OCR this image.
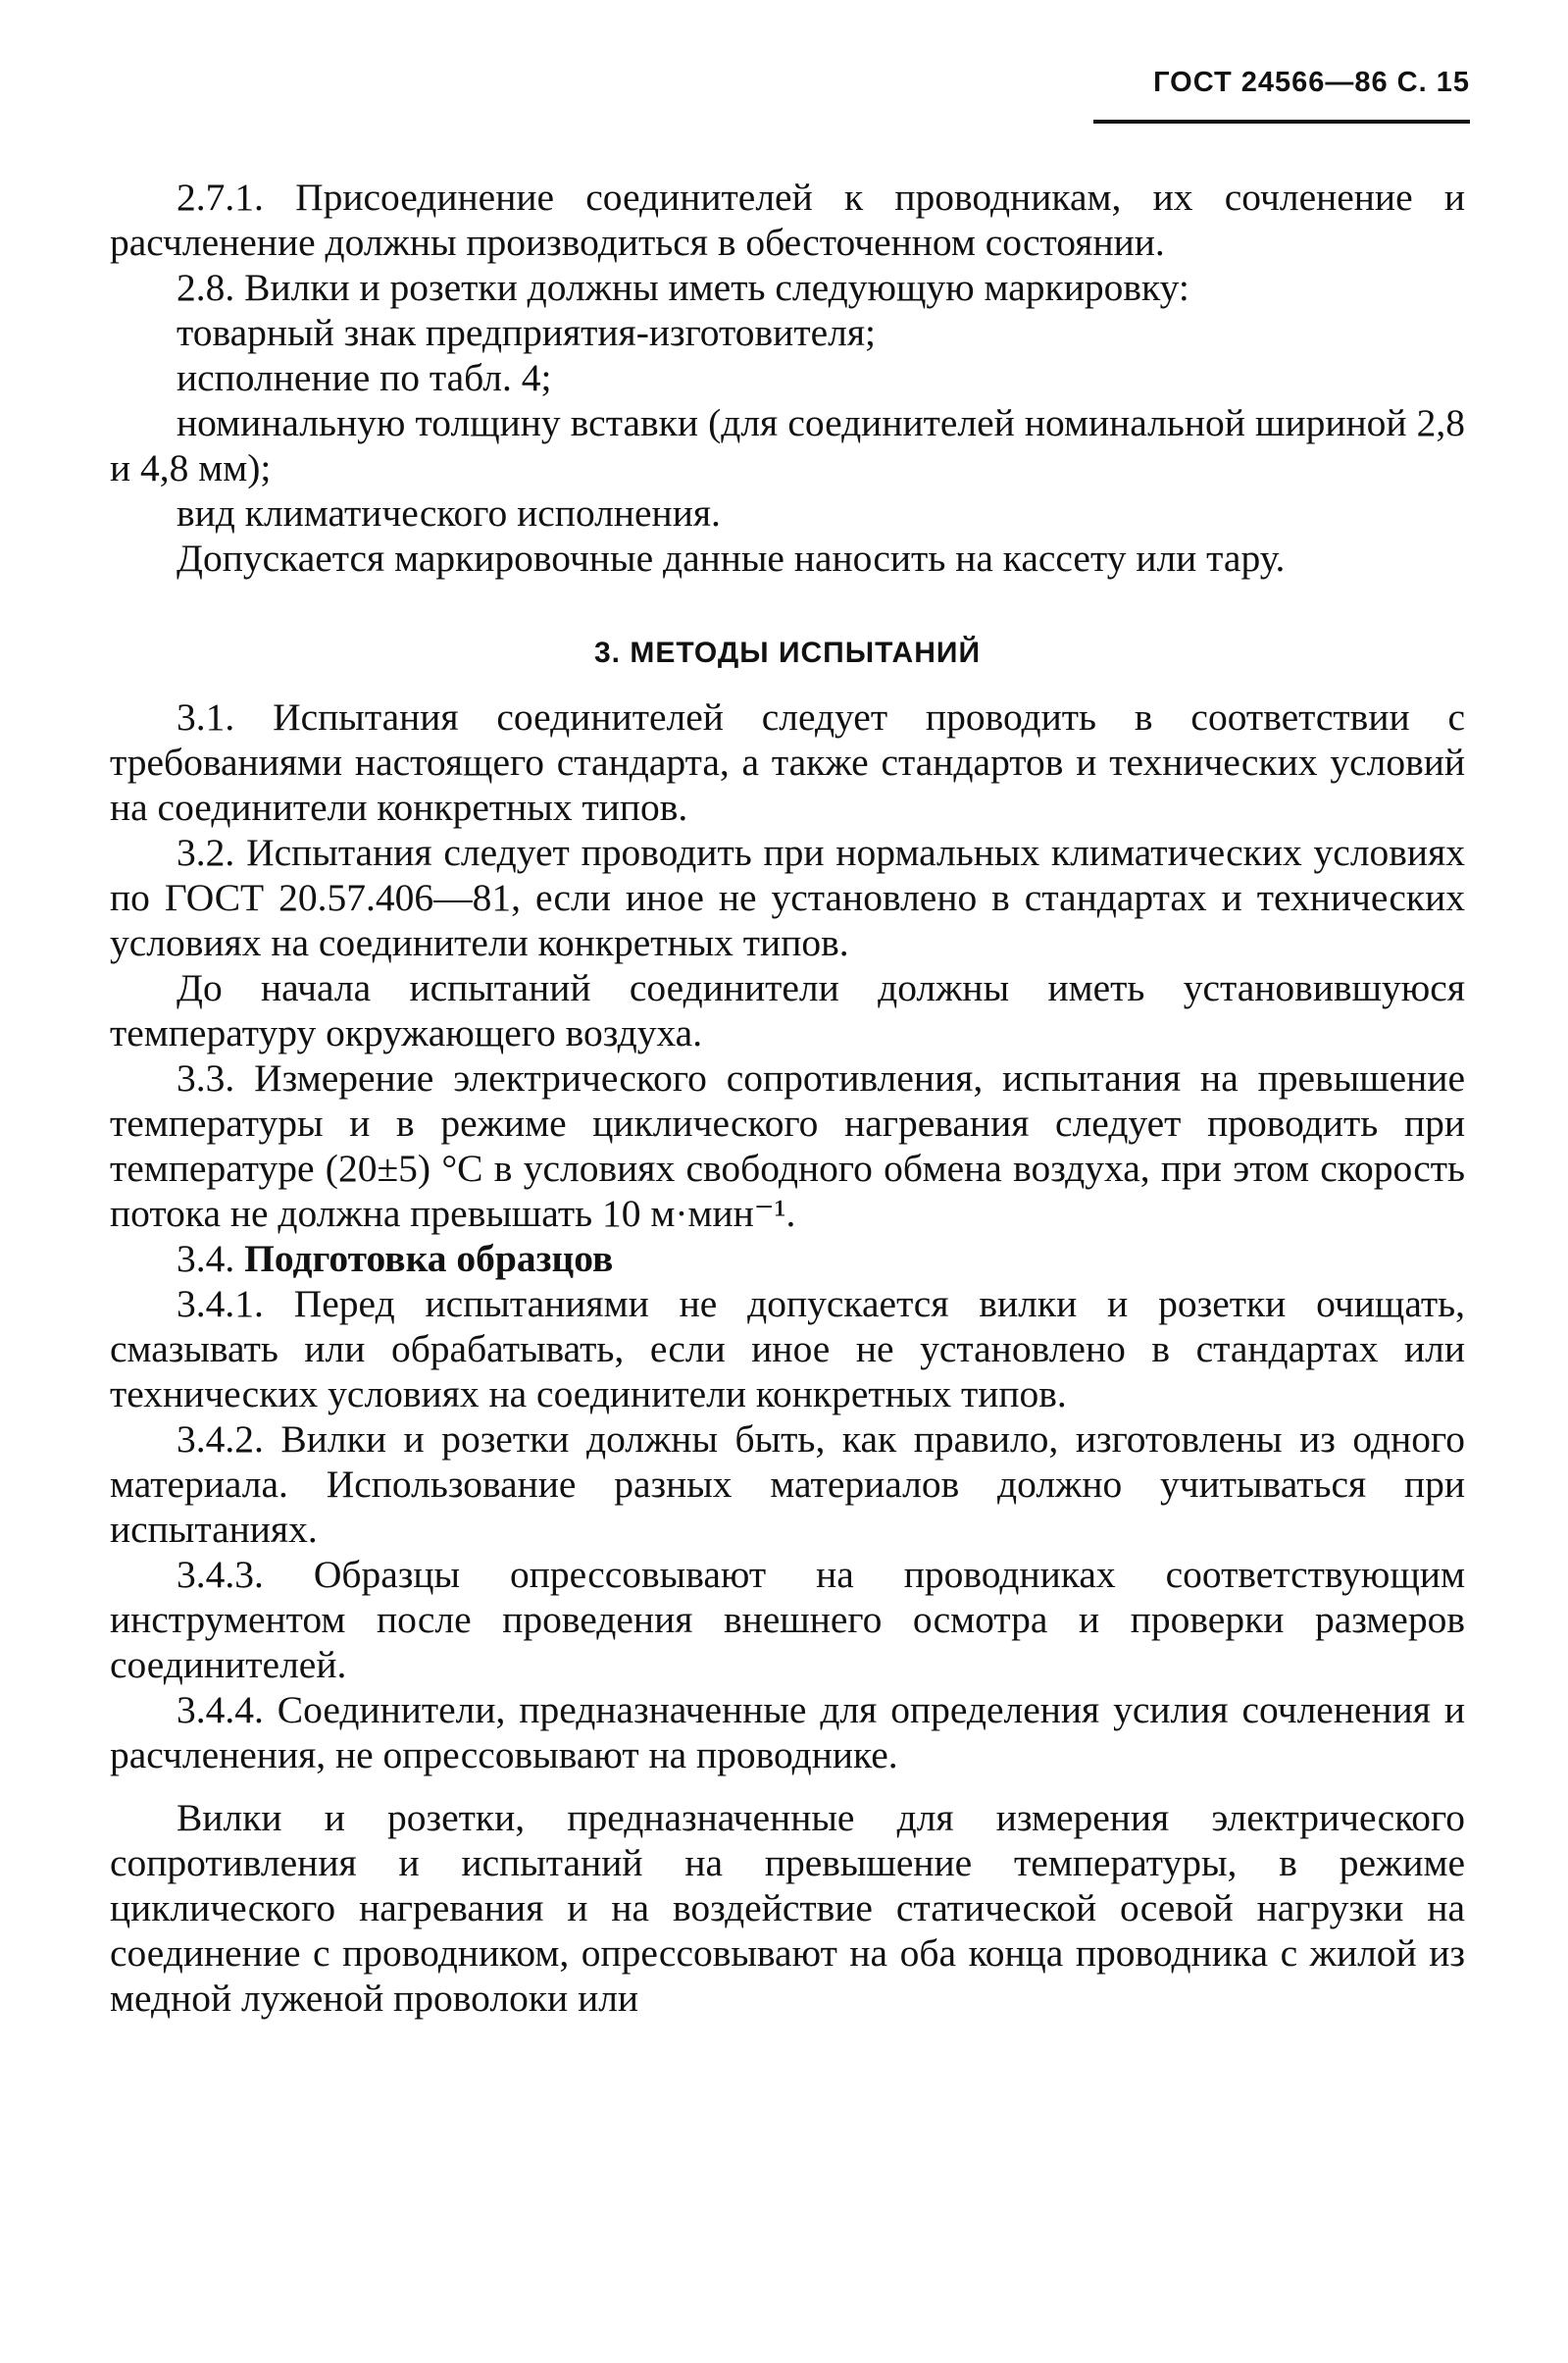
ГОСТ 24566—86 С. 15

2.7.1. Присоединение соединителей к проводникам, их сочленение и расчленение должны производиться в обесточенном состоянии.

2.8. Вилки и розетки должны иметь следующую маркировку:

товарный знак предприятия-изготовителя;

исполнение по табл. 4;

номинальную толщину вставки (для соединителей номинальной шириной 2,8 и 4,8 мм);

вид климатического исполнения.

Допускается маркировочные данные наносить на кассету или тару.

3. МЕТОДЫ ИСПЫТАНИЙ

3.1. Испытания соединителей следует проводить в соответствии с требованиями настоящего стандарта, а также стандартов и технических условий на соединители конкретных типов.

3.2. Испытания следует проводить при нормальных климатических условиях по ГОСТ 20.57.406—81, если иное не установлено в стандартах и технических условиях на соединители конкретных типов.

До начала испытаний соединители должны иметь установившуюся температуру окружающего воздуха.

3.3. Измерение электрического сопротивления, испытания на превышение температуры и в режиме циклического нагревания следует проводить при температуре (20±5) °С в условиях свободного обмена воздуха, при этом скорость потока не должна превышать 10 м·мин⁻¹.

3.4. Подготовка образцов

3.4.1. Перед испытаниями не допускается вилки и розетки очищать, смазывать или обрабатывать, если иное не установлено в стандартах или технических условиях на соединители конкретных типов.

3.4.2. Вилки и розетки должны быть, как правило, изготовлены из одного материала. Использование разных материалов должно учитываться при испытаниях.

3.4.3. Образцы опрессовывают на проводниках соответствующим инструментом после проведения внешнего осмотра и проверки размеров соединителей.

3.4.4. Соединители, предназначенные для определения усилия сочленения и расчленения, не опрессовывают на проводнике.

Вилки и розетки, предназначенные для измерения электрического сопротивления и испытаний на превышение температуры, в режиме циклического нагревания и на воздействие статической осевой нагрузки на соединение с проводником, опрессовывают на оба конца проводника с жилой из медной луженой проволоки или
